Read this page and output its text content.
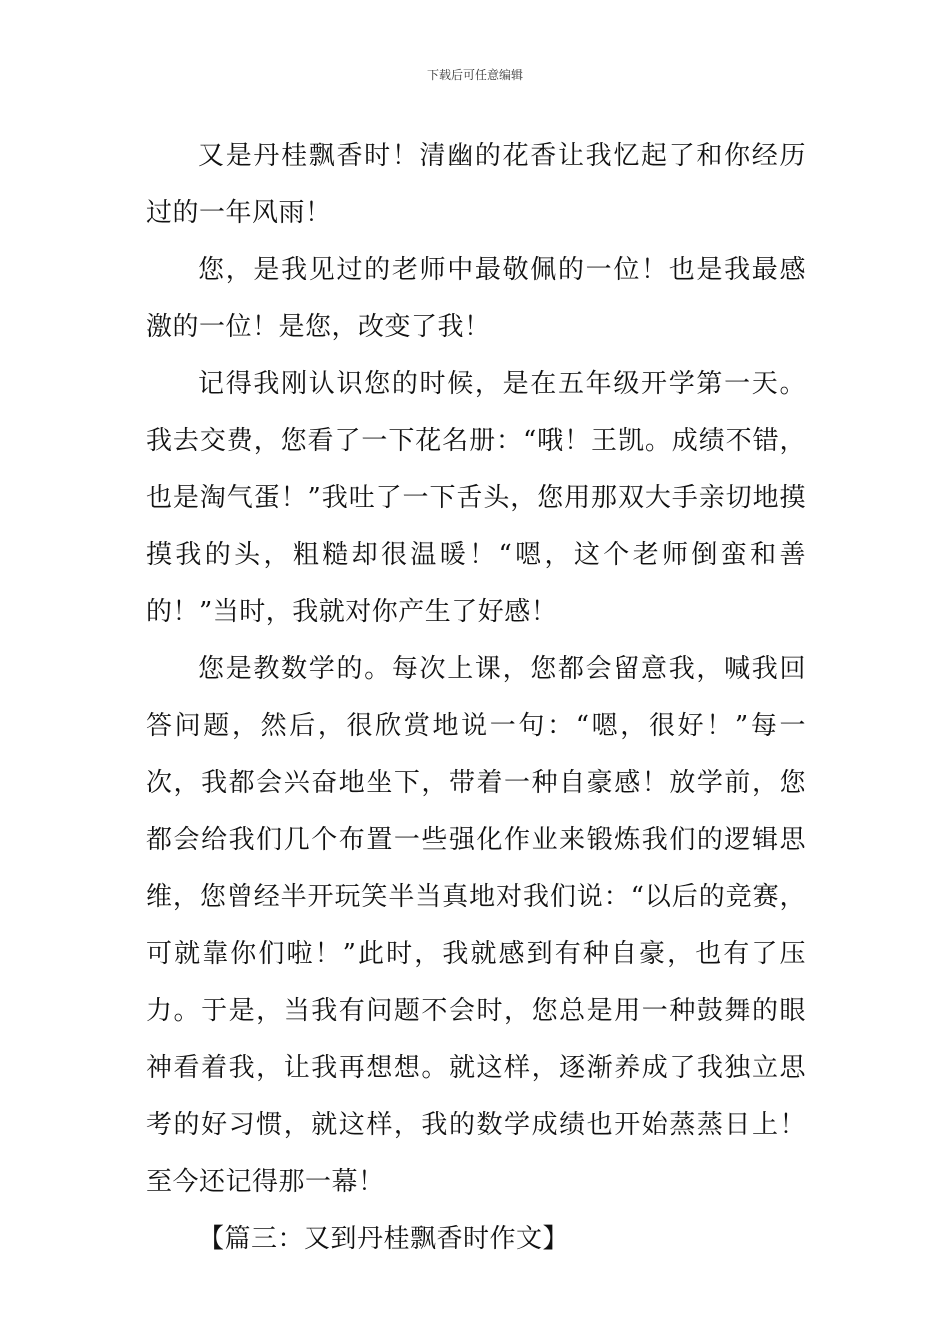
下载后可任意编辑

又是丹桂飘香时！清幽的花香让我忆起了和你经历过的一年风雨！

您，是我见过的老师中最敬佩的一位！也是我最感激的一位！是您，改变了我！

记得我刚认识您的时候，是在五年级开学第一天。我去交费，您看了一下花名册：“哦！王凯。成绩不错，也是淘气蛋！”我吐了一下舌头，您用那双大手亲切地摸摸我的头，粗糙却很温暖！“嗯，这个老师倒蛮和善的！”当时，我就对你产生了好感！

您是教数学的。每次上课，您都会留意我，喊我回答问题，然后，很欣赏地说一句：“嗯，很好！”每一次，我都会兴奋地坐下，带着一种自豪感！放学前，您都会给我们几个布置一些强化作业来锻炼我们的逻辑思维，您曾经半开玩笑半当真地对我们说：“以后的竞赛，可就靠你们啦！”此时，我就感到有种自豪，也有了压力。于是，当我有问题不会时，您总是用一种鼓舞的眼神看着我，让我再想想。就这样，逐渐养成了我独立思考的好习惯，就这样，我的数学成绩也开始蒸蒸日上！至今还记得那一幕！

【篇三：又到丹桂飘香时作文】
